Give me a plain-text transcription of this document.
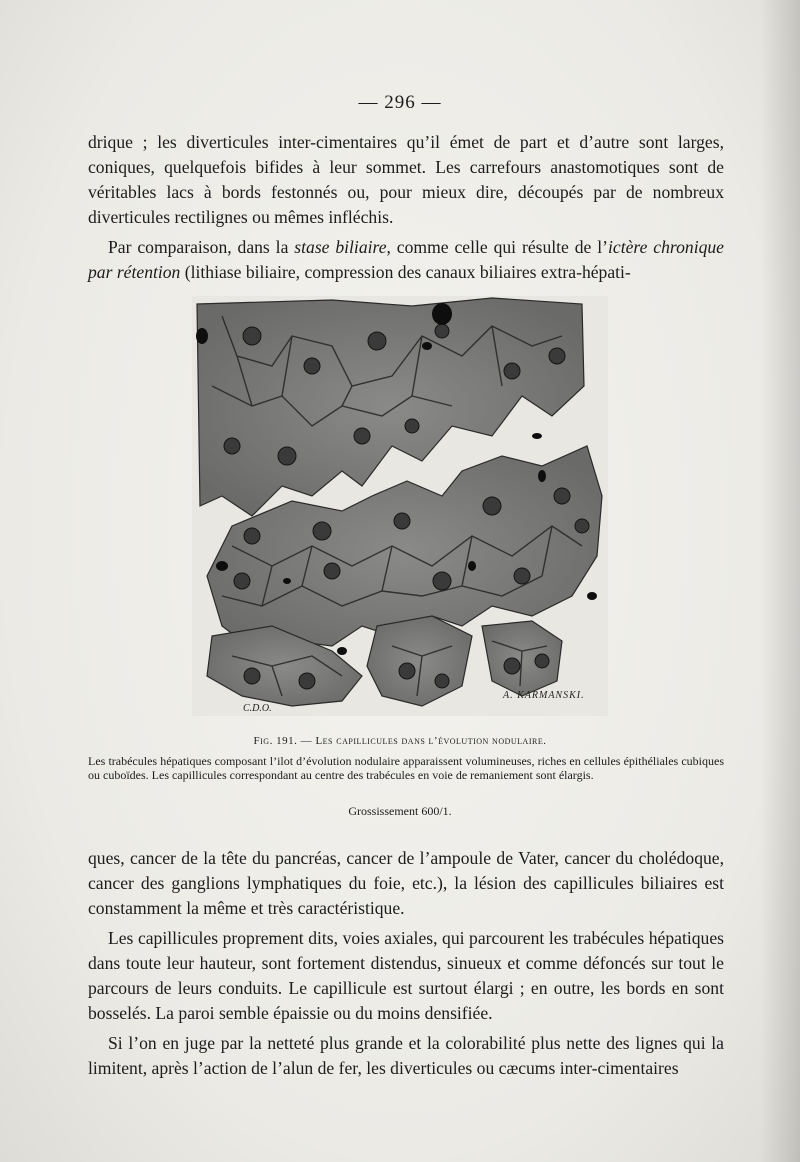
— 296 —

drique ; les diverticules inter-cimentaires qu’il émet de part et d’autre sont larges, coniques, quelquefois bifides à leur sommet. Les carrefours anastomotiques sont de véritables lacs à bords festonnés ou, pour mieux dire, découpés par de nombreux diverticules rectilignes ou mêmes infléchis.

Par comparaison, dans la stase biliaire, comme celle qui résulte de l’ictère chronique par rétention (lithiase biliaire, compression des canaux biliaires extra-hépati-

C.D.O.
A. KARMANSKI.
Fig. 191. — Les capillicules dans l’évolution nodulaire.
Les trabécules hépatiques composant l’ilot d’évolution nodulaire apparaissent volumineuses, riches en cellules épithéliales cubiques ou cuboïdes. Les capillicules correspondant au centre des trabécules en voie de remaniement sont élargis.
Grossissement 600/1.

ques, cancer de la tête du pancréas, cancer de l’ampoule de Vater, cancer du cholédoque, cancer des ganglions lymphatiques du foie, etc.), la lésion des capillicules biliaires est constamment la même et très caractéristique.

Les capillicules proprement dits, voies axiales, qui parcourent les trabécules hépatiques dans toute leur hauteur, sont fortement distendus, sinueux et comme défoncés sur tout le parcours de leurs conduits. Le capillicule est surtout élargi ; en outre, les bords en sont bosselés. La paroi semble épaissie ou du moins densifiée.

Si l’on en juge par la netteté plus grande et la colorabilité plus nette des lignes qui la limitent, après l’action de l’alun de fer, les diverticules ou cæcums inter-cimentaires
